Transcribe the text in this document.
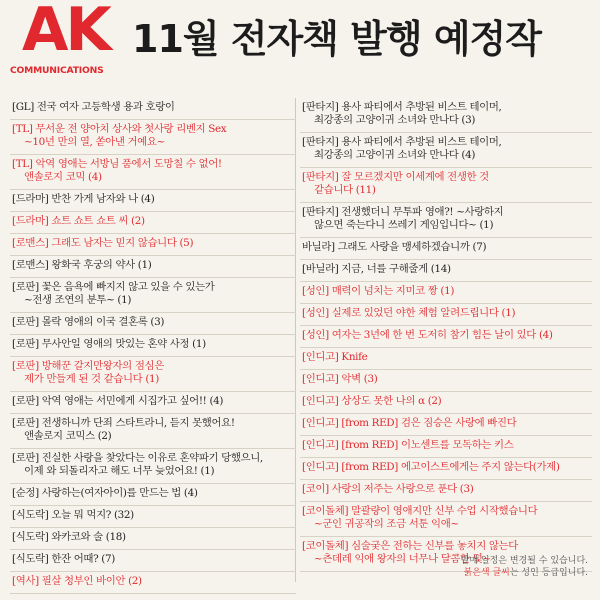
AK
COMMUNICATIONS
11월 전자책 발행 예정작
[GL] 전국 여자 고등학생 용과 호랑이
[TL] 무서운 전 양아치 상사와 첫사랑 리벤지 Sex
~10년 만의 열, 쏟아낸 거예요~
[TL] 악역 영애는 서방님 품에서 도망칠 수 없어!
앤솔로지 코믹 (4)
[드라마] 반찬 가게 남자와 나 (4)
[드라마] 쇼트 쇼트 쇼트 씨 (2)
[로맨스] 그래도 남자는 믿지 않습니다 (5)
[로맨스] 왕화국 후궁의 약사 (1)
[로판] 꽃은 음욕에 빠지지 않고 있을 수 있는가
~전생 조연의 분투~ (1)
[로판] 몰락 영애의 이국 결혼록 (3)
[로판] 무사안일 영애의 맛있는 혼약 사정 (1)
[로판] 방해꾼 갈지만왕자의 점심은
제가 만들게 된 것 같습니다 (1)
[로판] 악역 영애는 서민에게 시집가고 싶어!! (4)
[로판] 전생하니까 단죄 스타트라니, 듣지 못했어요!
앤솔로지 코믹스 (2)
[로판] 진실한 사랑을 찾았다는 이유로 혼약파기 당했으니,
이제 와 되돌리자고 해도 너무 늦었어요! (1)
[순정] 사랑하는(여자아이)를 만드는 법 (4)
[식도락] 오늘 뭐 먹지? (32)
[식도락] 와카코와 술 (18)
[식도락] 한잔 어때? (7)
[역사] 필살 청부인 바이안 (2)
[판타지] 용사 파티에서 추방된 비스트 테이머,
최강종의 고양이귀 소녀와 만나다 (3)
[판타지] 용사 파티에서 추방된 비스트 테이머,
최강종의 고양이귀 소녀와 만나다 (4)
[판타지] 잘 모르겠지만 이세계에 전생한 것
같습니다 (11)
[판타지] 전생했더니 무투파 영애?! ~사랑하지
않으면 죽는다니 쓰레기 게임입니다~ (1)
바닐라] 그래도 사랑을 맹세하겠습니까 (7)
[바닐라] 지금, 너를 구해줄게 (14)
[성인] 매력이 넘치는 지미코 짱 (1)
[성인] 실제로 있었던 야한 체험 알려드립니다 (1)
[성인] 여자는 3년에 한 번 도저히 참기 힘든 날이 있다 (4)
[인디고] Knife
[인디고] 악벽 (3)
[인디고] 상상도 못한 나의 α (2)
[인디고] [from RED] 검은 짐승은 사랑에 빠진다
[인디고] [from RED] 이노센트를 모독하는 키스
[인디고] [from RED] 에고이스트에게는 주지 않는다(가제)
[코이] 사랑의 저주는 사랑으로 푼다 (3)
[코이돌체] 말괄량이 영애지만 신부 수업 시작했습니다
~군인 귀공작의 조금 서툰 익애~
[코이돌체] 심술궂은 전하는 신부를 놓치지 않는다
~츤데레 익애 왕자의 너무나 달콤한 덫~
발매 일정은 변경될 수 있습니다.
붉은색 글씨는 성인 등급입니다.
